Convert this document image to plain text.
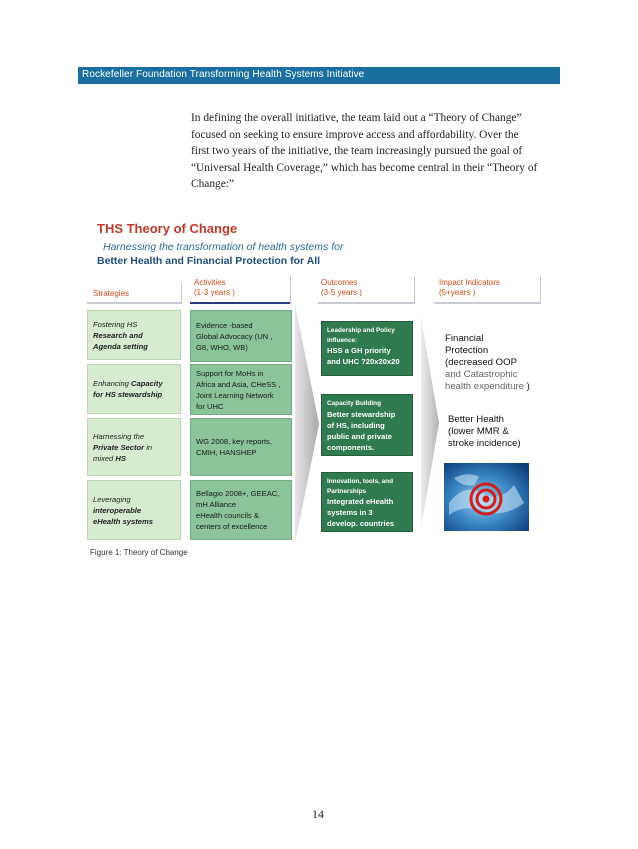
Rockefeller Foundation Transforming Health Systems Initiative
In defining the overall initiative, the team laid out a “Theory of Change”
focused on seeking to ensure improve access and affordability. Over the
first two years of the initiative, the team increasingly pursued the goal of
“Universal Health Coverage,” which has become central in their “Theory of
Change:”
THS Theory of Change
Harnessing the transformation of health systems for
Better Health and Financial Protection for All
Strategies
Activities
(1-3 years )
Outcomes
(3-5 years )
Impact Indicators
(5+years )
Fostering HS
Research and
Agenda setting
Enhancing Capacity
for HS stewardship
Harnessing the
Private Sector in
mixed HS
Leveraging
interoperable
eHealth systems
Evidence -based
Global Advocacy (UN ,
G8, WHO, WB)
Support for MoHs in
Africa and Asia, CHeSS ,
Joint Learning Network
for UHC
WG 2008, key reports,
CMIH, HANSHEP
Bellagio 2008+, GEEAC,
mH Alliance
eHealth councils &
centers of excellence
Leadership and Policy
influence:
HSS a GH priority
and UHC ?20x20x20
Capacity Building
Better stewardship
of HS, including
public and private
components.
Innovation, tools, and
Partnerships
Integrated eHealth
systems in 3
develop. countries
Financial
Protection
(decreased OOP
and Catastrophic
health expenditure )
Better Health
(lower MMR &
stroke incidence)
Figure 1: Theory of Change
14
